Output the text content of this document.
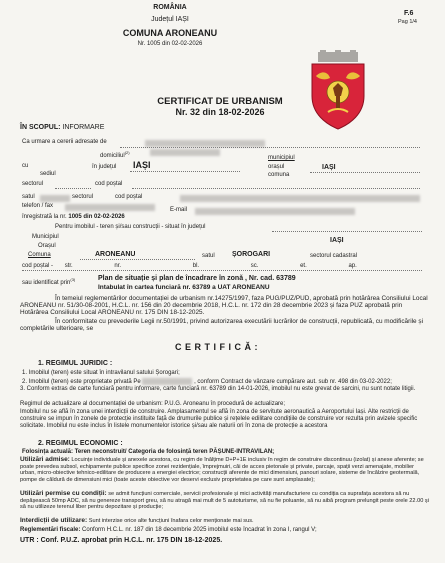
ROMÂNIA
Județul IAȘI
COMUNA ARONEANU
Nr. 1005 din 02-02-2026
F.6
Pag 1/4
CERTIFICAT DE URBANISM
Nr. 32 din 18-02-2026
ÎN SCOPUL: INFORMARE
Ca urmare a cererii adresate de
domiciliul$^{(2)}$
cu
sediul
în județul IAȘI
municipiul
orașul
comuna
IAȘI
sectorul	cod poștal
satul	sectorul	cod poștal
telefon / fax
E-mail
înregistrată la nr. 1005 din 02-02-2026
Pentru imobilul - teren și/sau construcții - situat în județul
IAȘI
Municipiul
Orașul
Comuna	ARONEANU	satul ȘOROGARI	sectorul cadastral
cod poștal - str.	nr.	bl.	sc.	et.	ap.
sau identificat prin$^{(3)}$	Plan de situație și plan de încadrare în zonă , Nr. cad. 63789
Intabulat în cartea funciară nr. 63789 a UAT ARONEANU
În temeiul reglementărilor documentației de urbanism nr.14275/1997, faza PUG/PUZ/PUD, aprobată prin hotărârea Consiliului Local ARONEANU nr. 51/30-08-2001, H.C.L. nr. 156 din 20 decembrie 2018, H.C.L. nr. 172 din 28 decembrie 2023 și faza PUZ aprobată prin Hotărârea Consiliului Local ARONEANU nr. 175 DIN 18-12-2025.
În conformitate cu prevederile Legii nr.50/1991, privind autorizarea executării lucrărilor de construcții, republicată, cu modificările și completările ulterioare, se
C E R T I F I C Ă :
1. REGIMUL JURIDIC :
1. Imobilul (teren) este situat în intravilanul satului Șorogari;
2. Imobilul (teren) este proprietate privată Pe	, conform Contract de vânzare cumpărare aut. sub nr. 498 din 03-02-2022;
3. Conform extras de carte funciară pentru informare, carte funciară nr. 63789 din 14-01-2026, imobilul nu este grevat de sarcini, nu sunt notate litigii.
Regimul de actualizare al documentației de urbanism: P.U.G. Aroneanu în procedură de actualizare;
Imobilul nu se află în zona unei interdicții de construire. Amplasamentul se află în zona de servitute aeronautică a Aeroportului Iași. Alte restricții de construire se impun în zonele de protecție instituite față de drumurile publice și rețelele edilitare condițiile de construire vor rezulta prin avizele specific solicitate. Imobilul nu este inclus în listele monumentelor istorice și/sau ale naturii ori în zona de protecție a acestora
2. REGIMUL ECONOMIC :
Folosința actuală: Teren neconstruit/ Categoria de folosință teren PĂȘUNE-INTRAVILAN;
Utilizări admise: Locuințe individuale și anexele acestora, cu regim de înălțime D+P+1E inclusiv în regim de construire discontinuu (izolat) și anexe aferente; se poate prevedea subsol, echipamente publice specifice zonei rezidențiale, împrejmuiri, căi de acces pietonale și private, parcaje, spații verzi amenajate, mobilier urban, micro-obiective tehnico-edilitare de producere a energiei electrice; construcții aferente de mici dimensiuni, panouri solare, sisteme de încălzire geotermală, pompe de căldură de dimensiuni mici (toate aceste obiective vor deservi exclusiv proprietatea pe care sunt amplasate);
Utilizări permise cu condiții: se admit funcțiuni comerciale, servicii profesionale și mici activități manufacturiere cu condiția ca suprafața acestora să nu depășească 50mp ADC, să nu genereze transport greu, să nu atragă mai mult de 5 autoturisme, să nu fie poluante, să nu aibă program prelungit peste orele 22.00 și să nu utilizeze terenul liber pentru depozitare și producție;
Interdicții de utilizare: Sunt interzise orice alte funcțiuni înafara celor menționate mai sus.
Reglementări fiscale: Conform H.C.L. nr. 187 din 18 decembrie 2025 imobilul este încadrat în zona I, rangul V;
UTR : Conf. P.U.Z. aprobat prin H.C.L. nr. 175 DIN 18-12-2025.
